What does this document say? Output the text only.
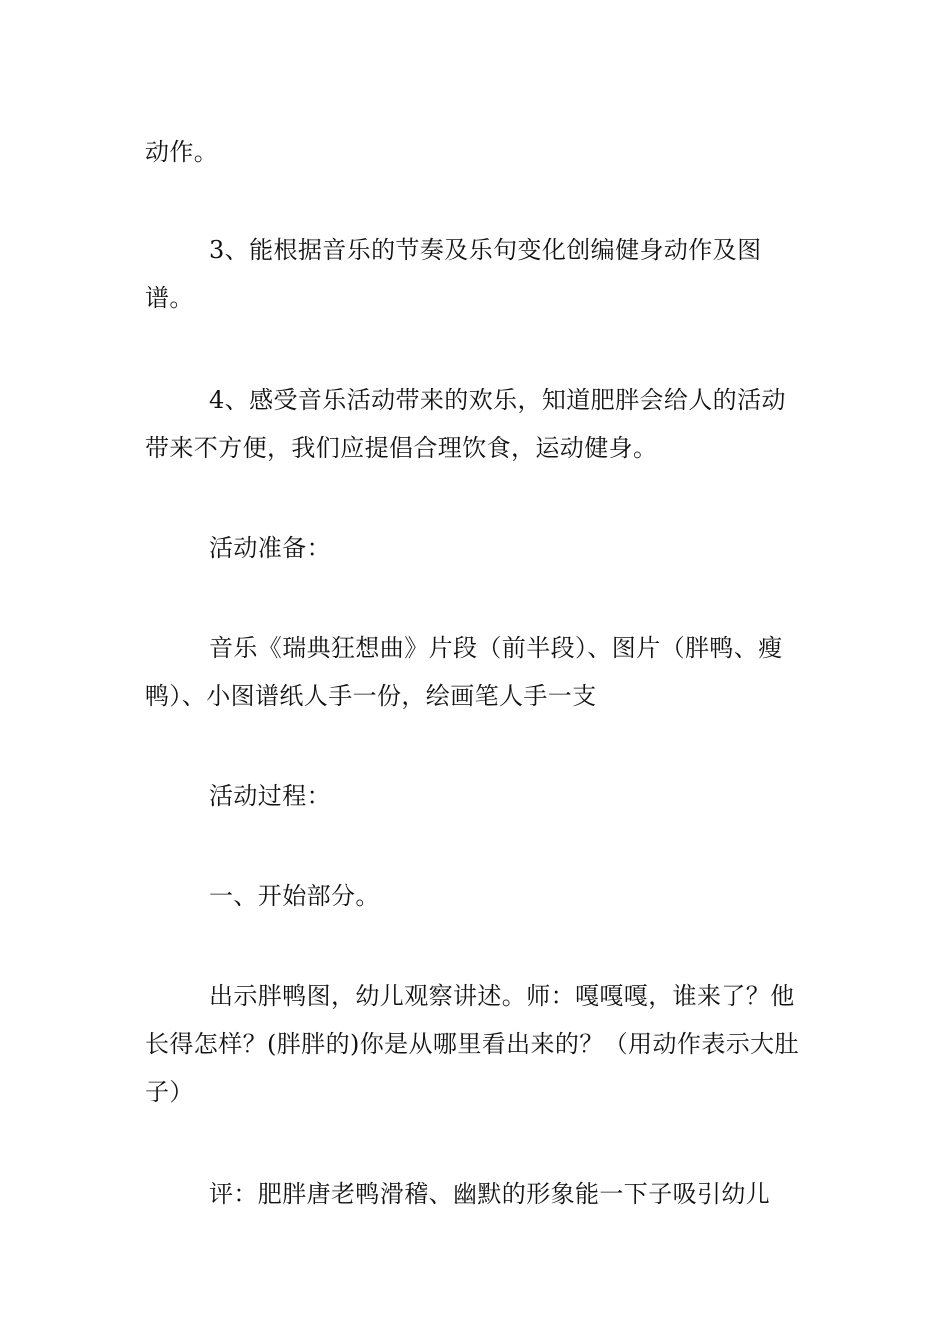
动作。

3、能根据音乐的节奏及乐句变化创编健身动作及图谱。

4、感受音乐活动带来的欢乐，知道肥胖会给人的活动带来不方便，我们应提倡合理饮食，运动健身。

活动准备：

音乐《瑞典狂想曲》片段（前半段）、图片（胖鸭、瘦鸭）、小图谱纸人手一份，绘画笔人手一支

活动过程：

一、开始部分。

出示胖鸭图，幼儿观察讲述。师：嘎嘎嘎，谁来了？他长得怎样？(胖胖的)你是从哪里看出来的？（用动作表示大肚子）

评：肥胖唐老鸭滑稽、幽默的形象能一下子吸引幼儿
